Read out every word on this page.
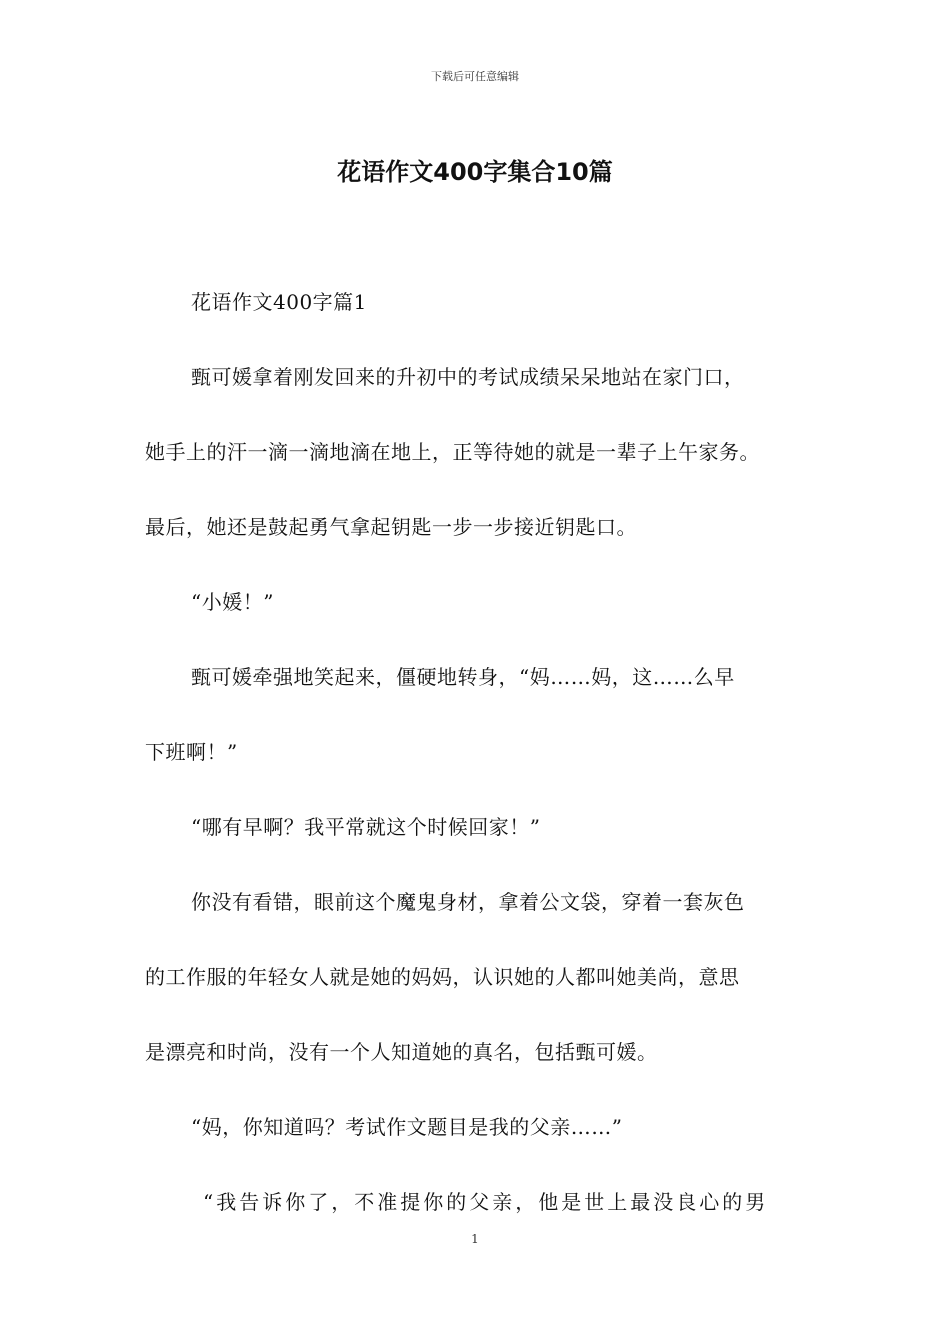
下载后可任意编辑
花语作文400字集合10篇
花语作文400字篇1
甄可媛拿着刚发回来的升初中的考试成绩呆呆地站在家门口，
她手上的汗一滴一滴地滴在地上，正等待她的就是一辈子上午家务。
最后，她还是鼓起勇气拿起钥匙一步一步接近钥匙口。
“小媛！”
甄可媛牵强地笑起来，僵硬地转身，“妈……妈，这……么早
下班啊！”
“哪有早啊？我平常就这个时候回家！”
你没有看错，眼前这个魔鬼身材，拿着公文袋，穿着一套灰色
的工作服的年轻女人就是她的妈妈，认识她的人都叫她美尚，意思
是漂亮和时尚，没有一个人知道她的真名，包括甄可媛。
“妈，你知道吗？考试作文题目是我的父亲……”
“我告诉你了，不准提你的父亲，他是世上最没良心的男
1
